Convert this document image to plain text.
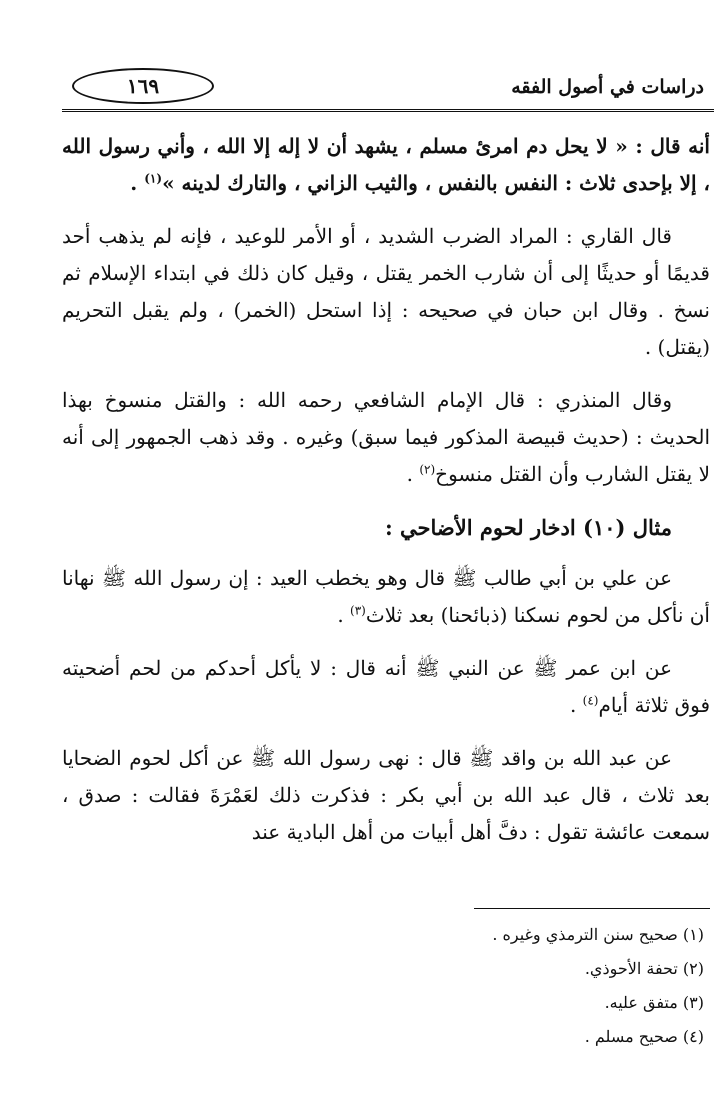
١٦٩	دراسات في أصول الفقه

أنه قال : « لا يحل دم امرئ مسلم ، يشهد أن لا إله إلا الله ، وأني رسول الله ، إلا بإحدى ثلاث : النفس بالنفس ، والثيب الزاني ، والتارك لدينه »$^{(١)}$ .

قال القاري : المراد الضرب الشديد ، أو الأمر للوعيد ، فإنه لم يذهب أحد قديمًا أو حديثًا إلى أن شارب الخمر يقتل ، وقيل كان ذلك في ابتداء الإسلام ثم نسخ . وقال ابن حبان في صحيحه : إذا استحل (الخمر) ، ولم يقبل التحريم (يقتل) .

وقال المنذري : قال الإمام الشافعي رحمه الله : والقتل منسوخ بهذا الحديث : (حديث قبيصة المذكور فيما سبق) وغيره . وقد ذهب الجمهور إلى أنه لا يقتل الشارب وأن القتل منسوخ$^{(٢)}$ .

مثال (١٠) ادخار لحوم الأضاحي :

عن علي بن أبي طالب ﷺ قال وهو يخطب العيد : إن رسول الله ﷺ نهانا أن نأكل من لحوم نسكنا (ذبائحنا) بعد ثلاث$^{(٣)}$ .

عن ابن عمر ﷺ عن النبي ﷺ أنه قال : لا يأكل أحدكم من لحم أضحيته فوق ثلاثة أيام$^{(٤)}$ .

عن عبد الله بن واقد ﷺ قال : نهى رسول الله ﷺ عن أكل لحوم الضحايا بعد ثلاث ، قال عبد الله بن أبي بكر : فذكرت ذلك لعَمْرَةَ فقالت : صدق ، سمعت عائشة تقول : دفَّ أهل أبيات من أهل البادية عند

(١) صحيح سنن الترمذي وغيره .
(٢) تحفة الأحوذي.
(٣) متفق عليه.
(٤) صحيح مسلم .
